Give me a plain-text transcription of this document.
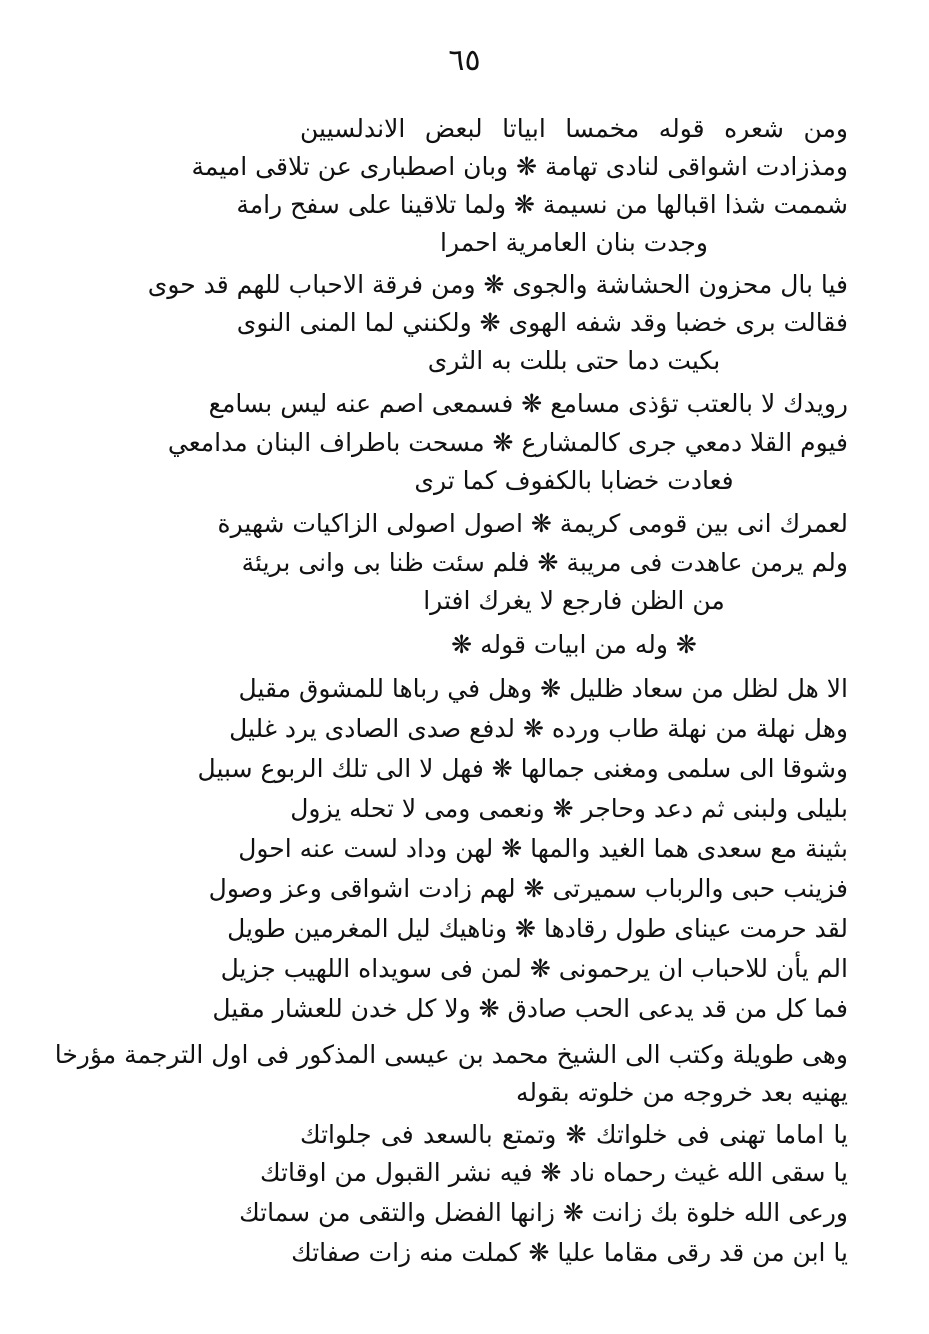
٦٥
ومن شعره قوله مخمسا ابياتا لبعض الاندلسيين
ومذزادت اشواقی لنادی تهامة ❋ وبان اصطباری عن تلاقی امیمة
شممت شذا اقبالها من نسيمة ❋ ولما تلاقينا على سفح رامة
وجدت بنان العامرية احمرا
فيا بال محزون الحشاشة والجوى ❋ ومن فرقة الاحباب للهم قد حوى
فقالت برى خضبا وقد شفه الهوى ❋ ولكنني لما المنى النوى
بكيت دما حتى بللت به الثرى
رويدك لا بالعتب تؤذی مسامع ❋ فسمعی اصم عنه لیس بسامع
فيوم القلا دمعي جرى كالمشارع ❋ مسحت باطراف البنان مدامعي
فعادت خضابا بالكفوف كما ترى
لعمرك انی بین قومی کریمة ❋ اصول اصولی الزاکیات شهیرة
ولم يرمن عاهدت فى مريبة ❋ فلم سئت ظنا بى وانى بريئة
من الظن فارجع لا يغرك افترا
❋ وله من ابيات قوله ❋
الا هل لظل من سعاد ظليل ❋ وهل في رباها للمشوق مقيل
وهل نهلة من نهلة طاب ورده ❋ لدفع صدى الصادى يرد غليل
وشوقا الى سلمى ومغنى جمالها ❋ فهل لا الى تلك الربوع سبيل
بليلى ولبنى ثم دعد وحاجر ❋ ونعمى ومى لا تحله يزول
بثينة مع سعدى هما الغيد والمها ❋ لهن وداد لست عنه احول
فزينب حبى والرباب سميرتى ❋ لهم زادت اشواقى وعز وصول
لقد حرمت عيناى طول رقادها ❋ وناهيك ليل المغرمين طويل
الم يأن للاحباب ان يرحمونى ❋ لمن فى سويداه اللهيب جزيل
فما كل من قد يدعى الحب صادق ❋ ولا كل خدن للعشار مقيل
وهى طويلة وكتب الى الشيخ محمد بن عيسى المذكور فى اول الترجمة مؤرخا
يهنيه بعد خروجه من خلوته بقوله
يا اماما تهنى فى خلواتك ❋ وتمتع بالسعد فى جلواتك
يا سقى الله غيث رحماه ناد ❋ فيه نشر القبول من اوقاتك
ورعى الله خلوة بك زانت ❋ زانها الفضل والتقى من سماتك
يا ابن من قد رقى مقاما عليا ❋ كملت منه زات صفاتك
